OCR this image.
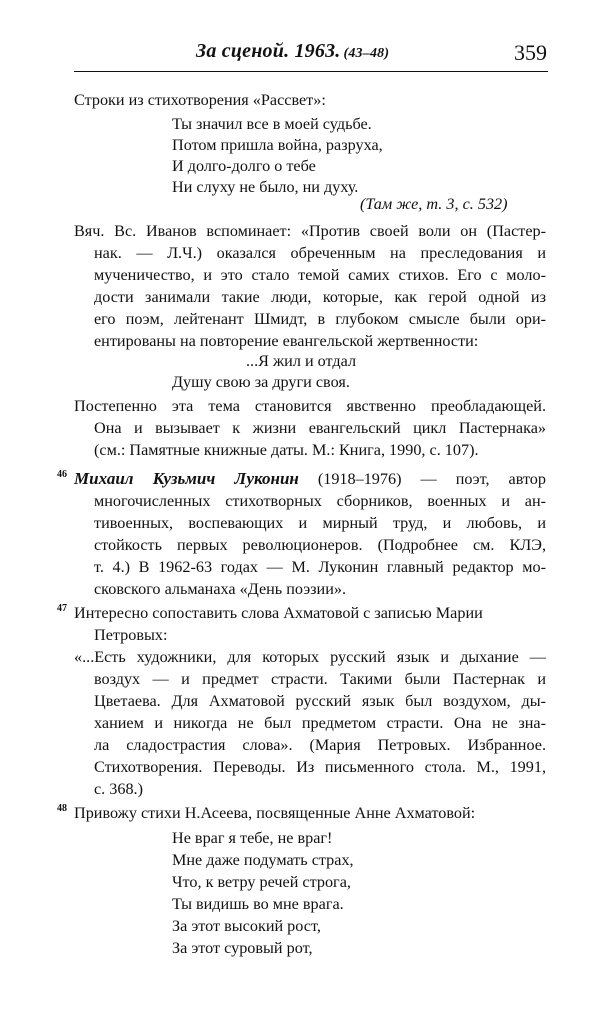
За сценой. 1963. (43–48)	359
Строки из стихотворения «Рассвет»:
Ты значил все в моей судьбе.
Потом пришла война, разруха,
И долго-долго о тебе
Ни слуху не было, ни духу.
(Там же, т. 3, с. 532)
Вяч. Вс. Иванов вспоминает: «Против своей воли он (Пастер-
нак. — Л.Ч.) оказался обреченным на преследования и
мученичество, и это стало темой самих стихов. Его с моло-
дости занимали такие люди, которые, как герой одной из
его поэм, лейтенант Шмидт, в глубоком смысле были ори-
ентированы на повторение евангельской жертвенности:
...Я жил и отдал
Душу свою за други своя.
Постепенно эта тема становится явственно преобладающей.
Она и вызывает к жизни евангельский цикл Пастернака»
(см.: Памятные книжные даты. М.: Книга, 1990, с. 107).
46 Михаил Кузьмич Луконин (1918–1976) — поэт, автор
многочисленных стихотворных сборников, военных и ан-
тивоенных, воспевающих и мирный труд, и любовь, и
стойкость первых революционеров. (Подробнее см. КЛЭ,
т. 4.) В 1962-63 годах — М. Луконин главный редактор мо-
сковского альманаха «День поэзии».
47 Интересно сопоставить слова Ахматовой с записью Марии
Петровых:
«...Есть художники, для которых русский язык и дыхание —
воздух — и предмет страсти. Такими были Пастернак и
Цветаева. Для Ахматовой русский язык был воздухом, ды-
ханием и никогда не был предметом страсти. Она не зна-
ла сладострастия слова». (Мария Петровых. Избранное.
Стихотворения. Переводы. Из письменного стола. М., 1991,
с. 368.)
48 Привожу стихи Н.Асеева, посвященные Анне Ахматовой:
Не враг я тебе, не враг!
Мне даже подумать страх,
Что, к ветру речей строга,
Ты видишь во мне врага.
За этот высокий рост,
За этот суровый рот,
